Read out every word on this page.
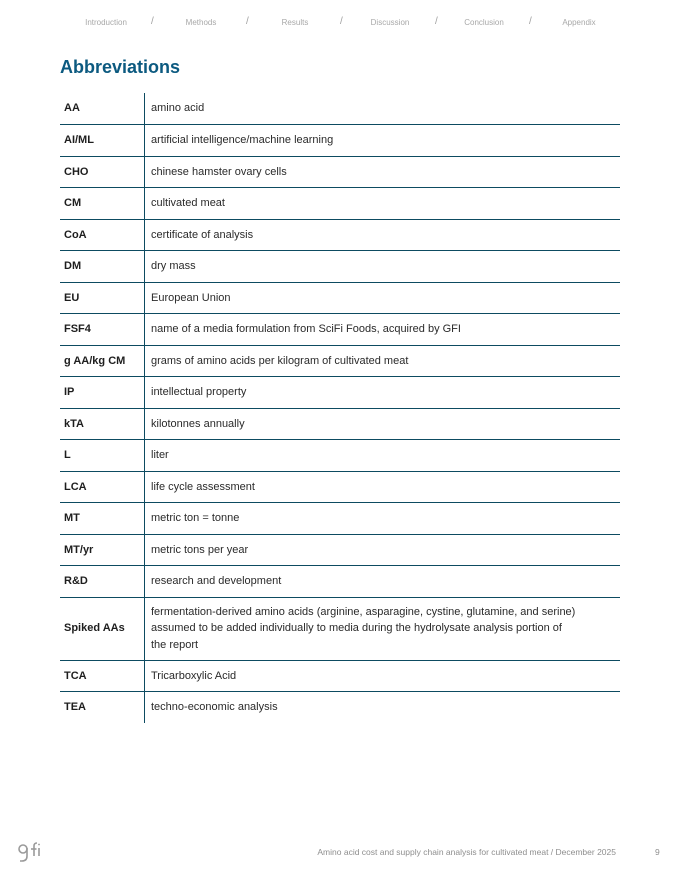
Introduction /	Methods	/	Results	/	Discussion	/	Conclusion	/	Appendix
Abbreviations
AA	amino acid
AI/ML	artificial intelligence/machine learning
CHO	chinese hamster ovary cells
CM	cultivated meat
CoA	certificate of analysis
DM	dry mass
EU	European Union
FSF4	name of a media formulation from SciFi Foods, acquired by GFI
g AA/kg CM	grams of amino acids per kilogram of cultivated meat
IP	intellectual property
kTA	kilotonnes annually
L	liter
LCA	life cycle assessment
MT	metric ton = tonne
MT/yr	metric tons per year
R&D	research and development
Spiked AAs	fermentation-derived amino acids (arginine, asparagine, cystine, glutamine, and serine)
assumed to be added individually to media during the hydrolysate analysis portion of
the report

TCA	Tricarboxylic Acid
TEA	techno-economic analysis
Amino acid cost and supply chain analysis for cultivated meat / December 2025	9
